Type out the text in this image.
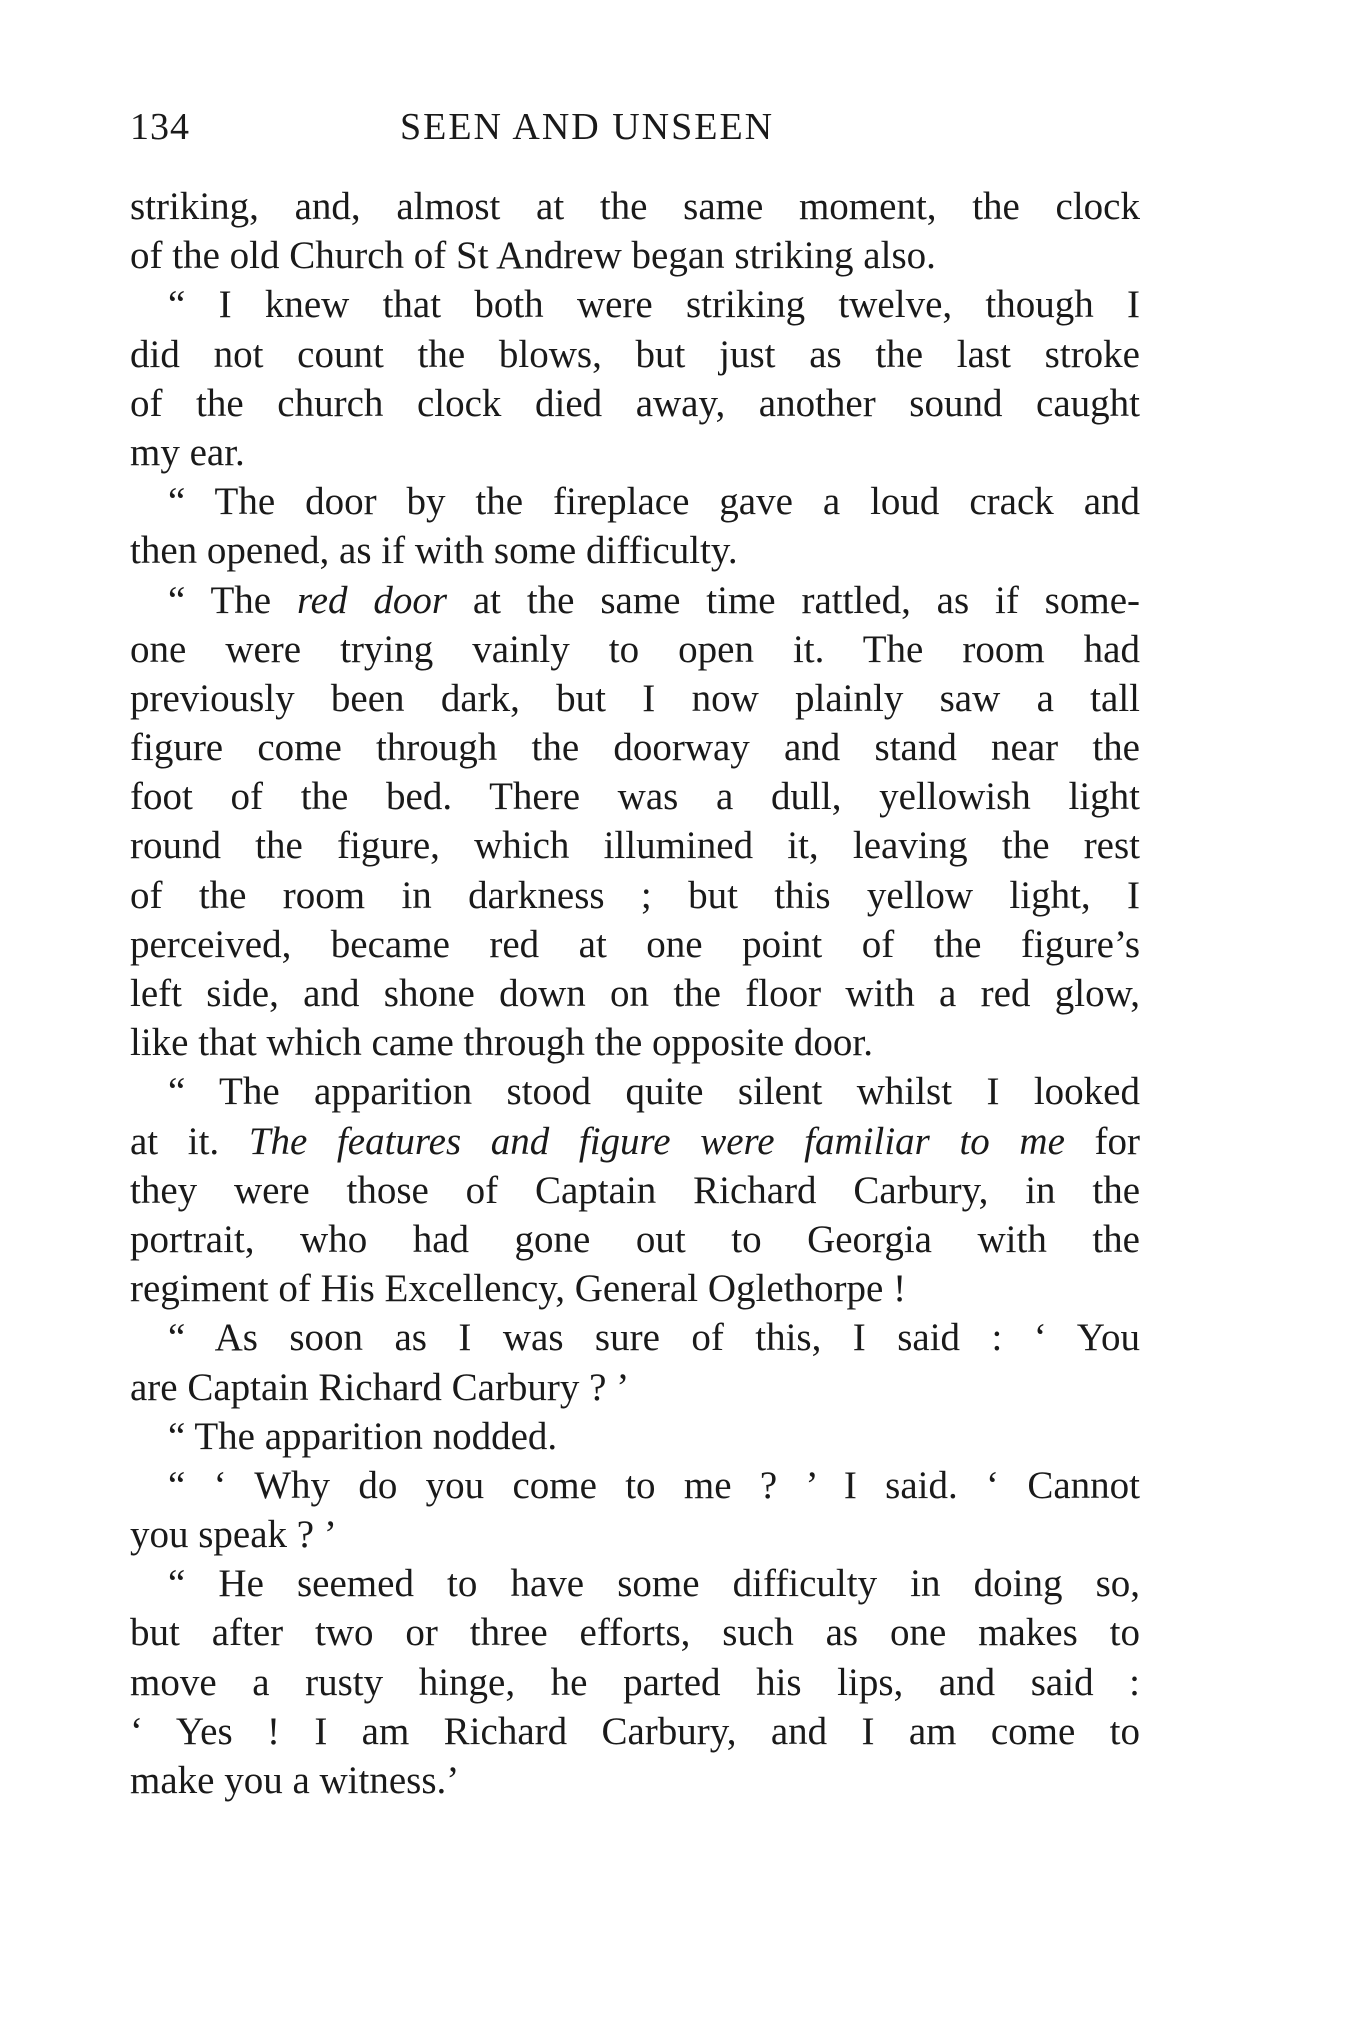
134	SEEN AND UNSEEN
striking, and, almost at the same moment, the clock
of the old Church of St Andrew began striking also.
“ I knew that both were striking twelve, though I
did not count the blows, but just as the last stroke
of the church clock died away, another sound caught
my ear.
“ The door by the fireplace gave a loud crack and
then opened, as if with some difficulty.
“ The red door at the same time rattled, as if some-
one were trying vainly to open it. The room had
previously been dark, but I now plainly saw a tall
figure come through the doorway and stand near the
foot of the bed. There was a dull, yellowish light
round the figure, which illumined it, leaving the rest
of the room in darkness ; but this yellow light, I
perceived, became red at one point of the figure’s
left side, and shone down on the floor with a red glow,
like that which came through the opposite door.
“ The apparition stood quite silent whilst I looked
at it. The features and figure were familiar to me for
they were those of Captain Richard Carbury, in the
portrait, who had gone out to Georgia with the
regiment of His Excellency, General Oglethorpe !
“ As soon as I was sure of this, I said : ‘ You
are Captain Richard Carbury ? ’
“ The apparition nodded.
“ ‘ Why do you come to me ? ’ I said. ‘ Cannot
you speak ? ’
“ He seemed to have some difficulty in doing so,
but after two or three efforts, such as one makes to
move a rusty hinge, he parted his lips, and said :
‘ Yes ! I am Richard Carbury, and I am come to
make you a witness.’
